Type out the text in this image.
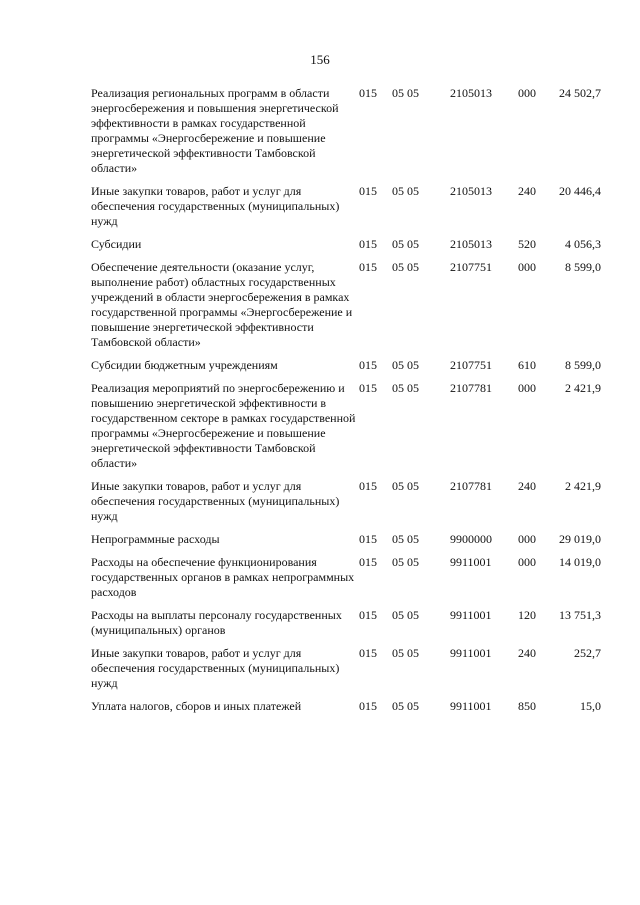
156
Реализация региональных программ в области энергосбережения и повышения энергетической эффективности в рамках государственной программы «Энергосбережение и повышение энергетической эффективности Тамбовской области»	015	05 05	2105013	000	24 502,7
Иные закупки товаров, работ и услуг для обеспечения государственных (муниципальных) нужд	015	05 05	2105013	240	20 446,4
Субсидии	015	05 05	2105013	520	4 056,3
Обеспечение деятельности (оказание услуг, выполнение работ) областных государственных учреждений в области энергосбережения в рамках государственной программы «Энергосбережение и повышение энергетической эффективности Тамбовской области»	015	05 05	2107751	000	8 599,0
Субсидии бюджетным учреждениям	015	05 05	2107751	610	8 599,0
Реализация мероприятий по энергосбережению и повышению энергетической эффективности в государственном секторе в рамках государственной программы «Энергосбережение и повышение энергетической эффективности Тамбовской области»	015	05 05	2107781	000	2 421,9
Иные закупки товаров, работ и услуг для обеспечения государственных (муниципальных) нужд	015	05 05	2107781	240	2 421,9
Непрограммные расходы	015	05 05	9900000	000	29 019,0
Расходы на обеспечение функционирования государственных органов в рамках непрограммных расходов	015	05 05	9911001	000	14 019,0
Расходы на выплаты персоналу государственных (муниципальных) органов	015	05 05	9911001	120	13 751,3
Иные закупки товаров, работ и услуг для обеспечения государственных (муниципальных) нужд	015	05 05	9911001	240	252,7
Уплата налогов, сборов и иных платежей	015	05 05	9911001	850	15,0
